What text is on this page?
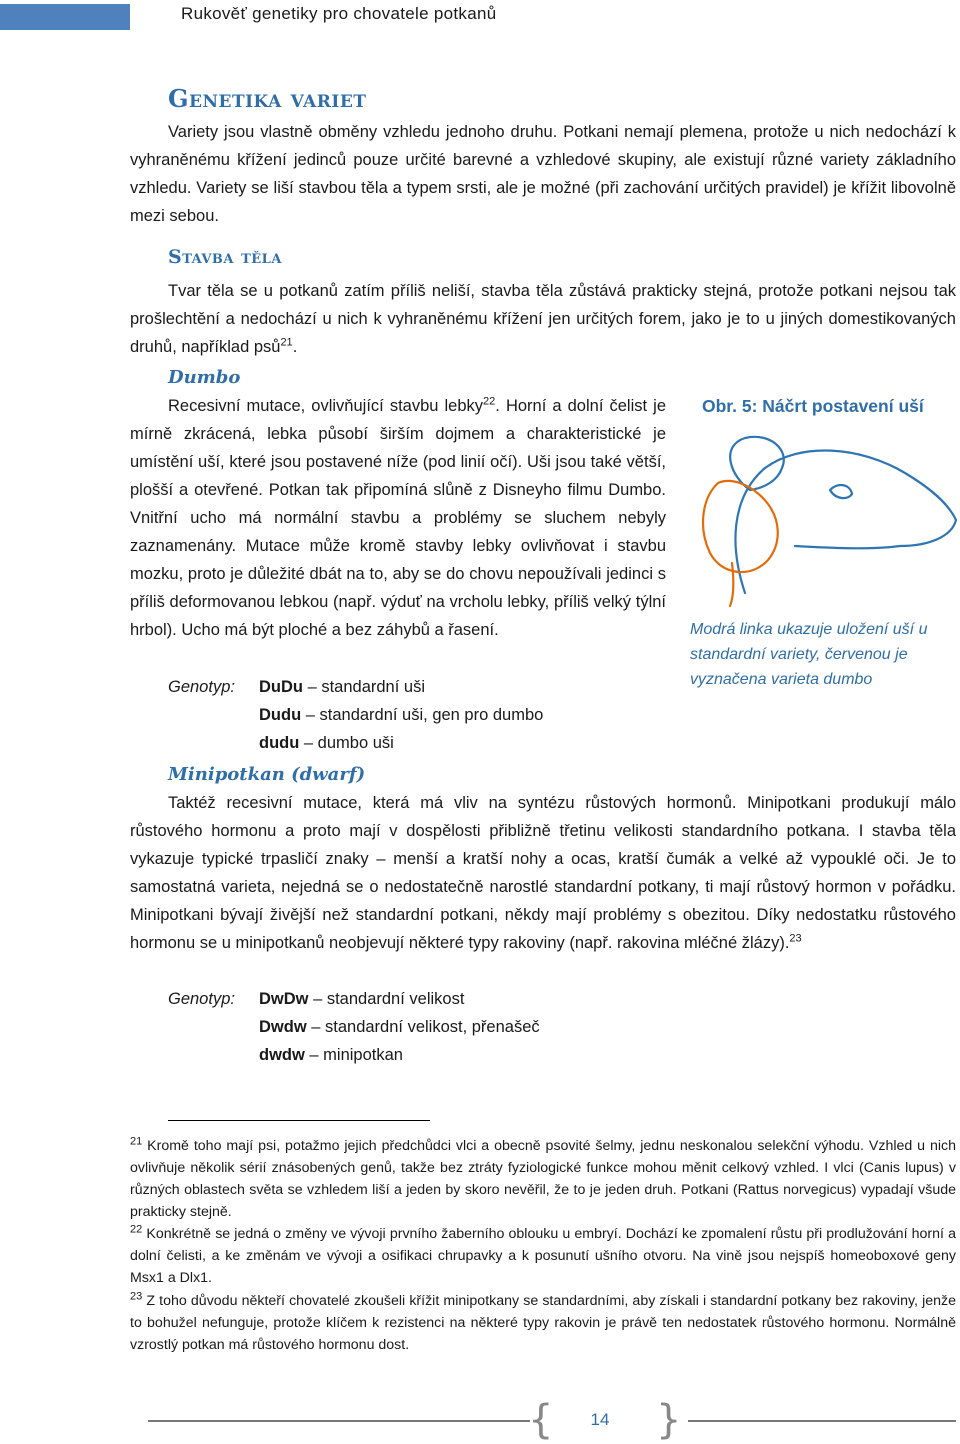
Rukověť genetiky pro chovatele potkanů
Genetika variet

Variety jsou vlastně obměny vzhledu jednoho druhu. Potkani nemají plemena, protože u nich nedochází k vyhraněnému křížení jedinců pouze určité barevné a vzhledové skupiny, ale existují různé variety základního vzhledu. Variety se liší stavbou těla a typem srsti, ale je možné (při zachování určitých pravidel) je křížit libovolně mezi sebou.

Stavba těla

Tvar těla se u potkanů zatím příliš neliší, stavba těla zůstává prakticky stejná, protože potkani nejsou tak prošlechtění a nedochází u nich k vyhraněnému křížení jen určitých forem, jako je to u jiných domestikovaných druhů, například psů$^{21}$.

Dumbo

Recesivní mutace, ovlivňující stavbu lebky$^{22}$. Horní a dolní čelist je mírně zkrácená, lebka působí širším dojmem a charakteristické je umístění uší, které jsou postavené níže (pod linií očí). Uši jsou také větší, plošší a otevřené. Potkan tak připomíná slůně z Disneyho filmu Dumbo. Vnitřní ucho má normální stavbu a problémy se sluchem nebyly zaznamenány. Mutace může kromě stavby lebky ovlivňovat i stavbu mozku, proto je důležité dbát na to, aby se do chovu nepoužívali jedinci s příliš deformovanou lebkou (např. výduť na vrcholu lebky, příliš velký týlní hrbol). Ucho má být ploché a bez záhybů a řasení.

Genotyp:	DuDu – standardní uši
Dudu – standardní uši, gen pro dumbo
dudu – dumbo uši
Obr. 5: Náčrt postavení uší
Modrá linka ukazuje uložení uší u standardní variety, červenou je vyznačena varieta dumbo
Minipotkan (dwarf)

Taktéž recesivní mutace, která má vliv na syntézu růstových hormonů. Minipotkani produkují málo růstového hormonu a proto mají v dospělosti přibližně třetinu velikosti standardního potkana. I stavba těla vykazuje typické trpasličí znaky – menší a kratší nohy a ocas, kratší čumák a velké až vypouklé oči. Je to samostatná varieta, nejedná se o nedostatečně narostlé standardní potkany, ti mají růstový hormon v pořádku. Minipotkani bývají živější než standardní potkani, někdy mají problémy s obezitou. Díky nedostatku růstového hormonu se u minipotkanů neobjevují některé typy rakoviny (např. rakovina mléčné žlázy).$^{23}$

Genotyp:	DwDw – standardní velikost
Dwdw – standardní velikost, přenašeč
dwdw – minipotkan

$^{21}$ Kromě toho mají psi, potažmo jejich předchůdci vlci a obecně psovité šelmy, jednu neskonalou selekční výhodu. Vzhled u nich ovlivňuje několik sérií znásobených genů, takže bez ztráty fyziologické funkce mohou měnit celkový vzhled. I vlci (Canis lupus) v různých oblastech světa se vzhledem liší a jeden by skoro nevěřil, že to je jeden druh. Potkani (Rattus norvegicus) vypadají všude prakticky stejně.

$^{22}$ Konkrétně se jedná o změny ve vývoji prvního žaberního oblouku u embryí. Dochází ke zpomalení růstu při prodlužování horní a dolní čelisti, a ke změnám ve vývoji a osifikaci chrupavky a k posunutí ušního otvoru. Na vině jsou nejspíš homeoboxové geny Msx1 a Dlx1.

$^{23}$ Z toho důvodu někteří chovatelé zkoušeli křížit minipotkany se standardními, aby získali i standardní potkany bez rakoviny, jenže to bohužel nefunguje, protože klíčem k rezistenci na některé typy rakovin je právě ten nedostatek růstového hormonu. Normálně vzrostlý potkan má růstového hormonu dost.

{	14	}
